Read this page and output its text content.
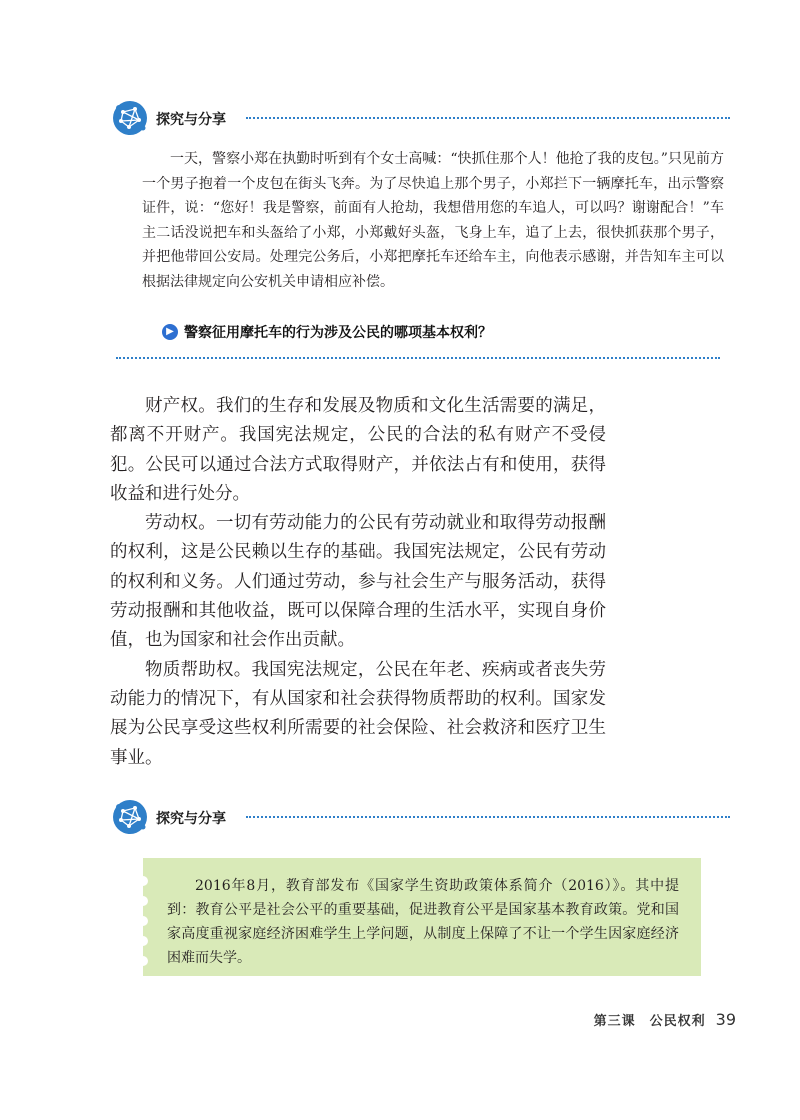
探究与分享

一天，警察小郑在执勤时听到有个女士高喊：“快抓住那个人！他抢了我的皮包。”只见前方一个男子抱着一个皮包在街头飞奔。为了尽快追上那个男子，小郑拦下一辆摩托车，出示警察证件，说：“您好！我是警察，前面有人抢劫，我想借用您的车追人，可以吗？谢谢配合！”车主二话没说把车和头盔给了小郑，小郑戴好头盔，飞身上车，追了上去，很快抓获那个男子，并把他带回公安局。处理完公务后，小郑把摩托车还给车主，向他表示感谢，并告知车主可以根据法律规定向公安机关申请相应补偿。

▶ 警察征用摩托车的行为涉及公民的哪项基本权利？

财产权。我们的生存和发展及物质和文化生活需要的满足，都离不开财产。我国宪法规定，公民的合法的私有财产不受侵犯。公民可以通过合法方式取得财产，并依法占有和使用，获得收益和进行处分。

劳动权。一切有劳动能力的公民有劳动就业和取得劳动报酬的权利，这是公民赖以生存的基础。我国宪法规定，公民有劳动的权利和义务。人们通过劳动，参与社会生产与服务活动，获得劳动报酬和其他收益，既可以保障合理的生活水平，实现自身价值，也为国家和社会作出贡献。

物质帮助权。我国宪法规定，公民在年老、疾病或者丧失劳动能力的情况下，有从国家和社会获得物质帮助的权利。国家发展为公民享受这些权利所需要的社会保险、社会救济和医疗卫生事业。

探究与分享

2016年8月，教育部发布《国家学生资助政策体系简介（2016）》。其中提到：教育公平是社会公平的重要基础，促进教育公平是国家基本教育政策。党和国家高度重视家庭经济困难学生上学问题，从制度上保障了不让一个学生因家庭经济困难而失学。

第三课　公民权利 39
